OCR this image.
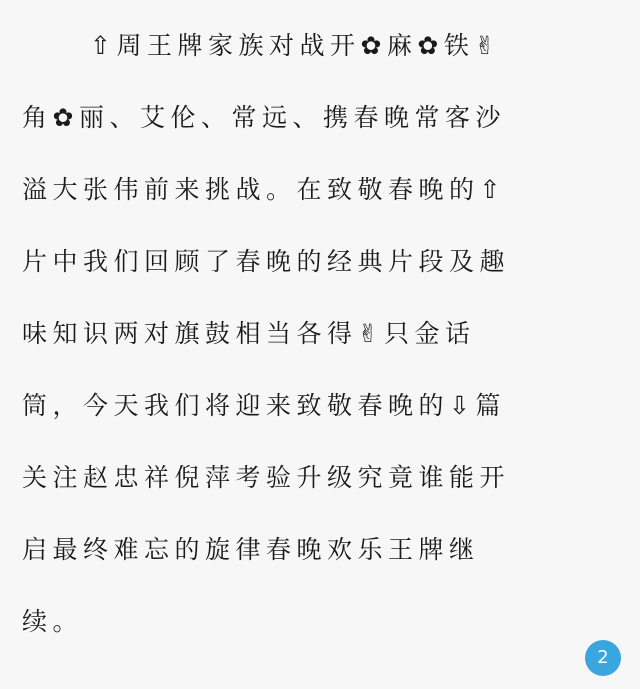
⇧周王牌家族对战开✿麻✿铁✌
角✿丽、艾伦、常远、携春晚常客沙
溢大张伟前来挑战。在致敬春晚的⇧
片中我们回顾了春晚的经典片段及趣
味知识两对旗鼓相当各得✌只金话
筒，今天我们将迎来致敬春晚的⇩篇
关注赵忠祥倪萍考验升级究竟谁能开
启最终难忘的旋律春晚欢乐王牌继
续。
2
